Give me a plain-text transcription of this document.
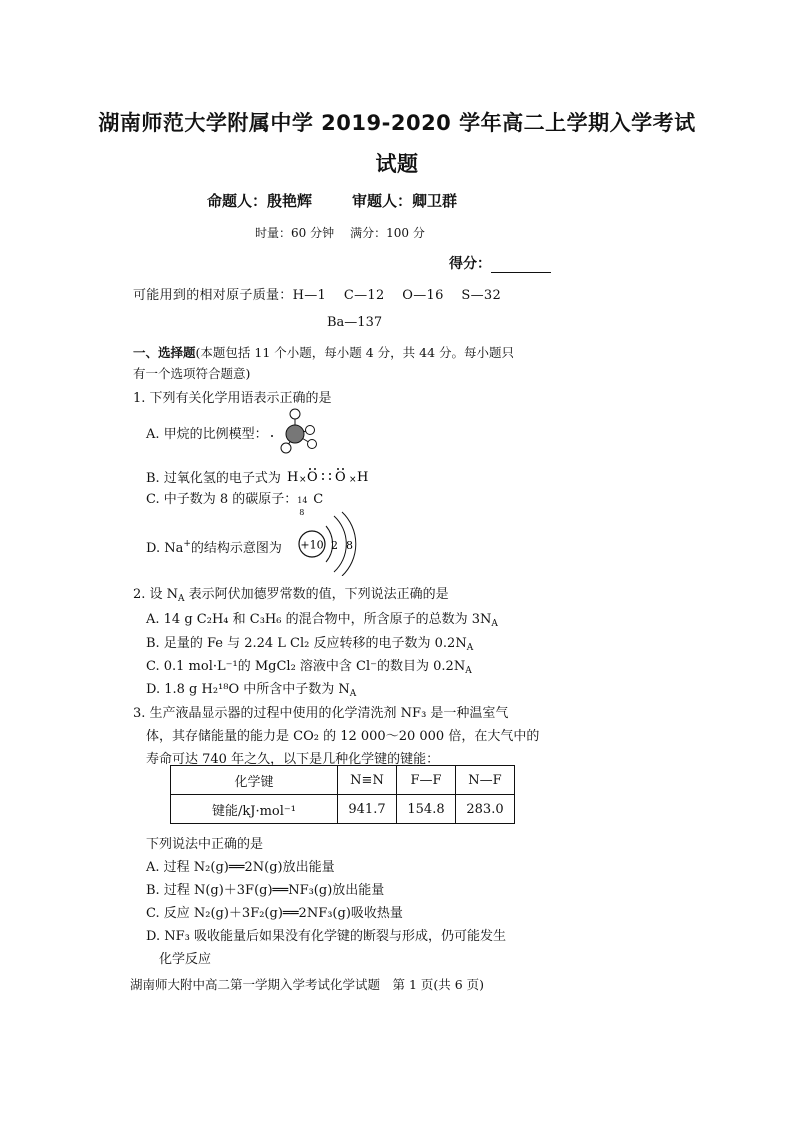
湖南师范大学附属中学 2019-2020 学年高二上学期入学考试
试题
命题人：殷艳辉	审题人：卿卫群
时量：60 分钟 满分：100 分
得分：
可能用到的相对原子质量：H—1　 C—12　 O—16　 S—32
Ba—137
一、选择题(本题包括 11 个小题，每小题 4 分，共 44 分。每小题只
有一个选项符合题意)
1. 下列有关化学用语表示正确的是
A. 甲烷的比例模型：
B. 过氧化氢的电子式为 H × O O × H
C. 中子数为 8 的碳原子： 14
8
C
D. Na+的结构示意图为 +10 2 8
2. 设 $N_A$ 表示阿伏加德罗常数的值，下列说法正确的是
A. 14 g C₂H₄ 和 C₃H₆ 的混合物中，所含原子的总数为 $3N_A$
B. 足量的 Fe 与 2.24 L Cl₂ 反应转移的电子数为 $0.2N_A$
C. 0.1 mol·L⁻¹的 MgCl₂ 溶液中含 Cl⁻的数目为 $0.2N_A$
D. 1.8 g H₂¹⁸O 中所含中子数为 $N_A$
3. 生产液晶显示器的过程中使用的化学清洗剂 NF₃ 是一种温室气
体，其存储能量的能力是 CO₂ 的 12 000～20 000 倍，在大气中的
寿命可达 740 年之久，以下是几种化学键的键能：
化学键	N≡N	F—F	N—F
键能/kJ·mol⁻¹	941.7	154.8	283.0
下列说法中正确的是
A. 过程 N₂(g)══2N(g)放出能量
B. 过程 N(g)＋3F(g)══NF₃(g)放出能量
C. 反应 N₂(g)＋3F₂(g)══2NF₃(g)吸收热量
D. NF₃ 吸收能量后如果没有化学键的断裂与形成，仍可能发生
化学反应
湖南师大附中高二第一学期入学考试化学试题　第 1 页(共 6 页)
